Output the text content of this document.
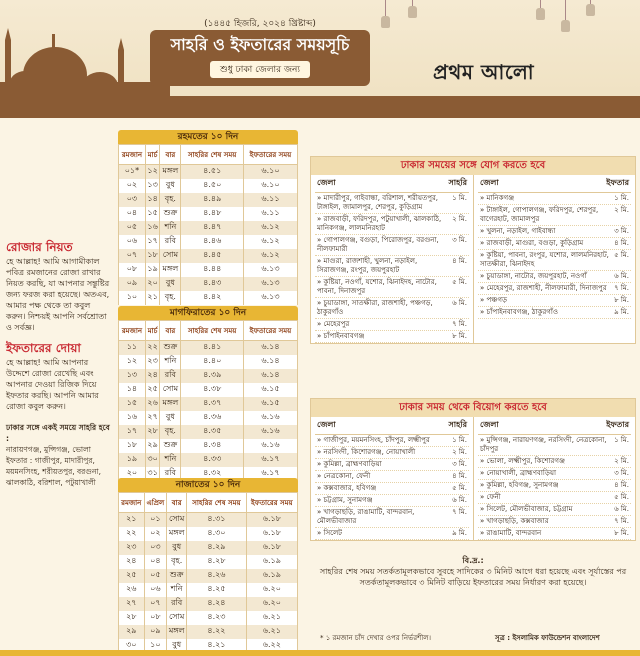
(১৪৪৫ হিজরি, ২০২৪ খ্রিষ্টাব্দ)
সাহরি ও ইফতারের সময়সূচি
শুধু ঢাকা জেলার জন্য	প্রথম আলো
রোজার নিয়ত

হে আল্লাহ! আমি আগামীকাল পবিত্র রমজানের রোজা রাখার নিয়ত করছি, যা আপনার সন্তুষ্টির জন্য ফরজ করা হয়েছে। অতএব, আমার পক্ষ থেকে তা কবুল করুন। নিশ্চয়ই আপনি সর্বশ্রোতা ও সর্বজ্ঞ।

ইফতারের দোয়া

হে আল্লাহ! আমি আপনার উদ্দেশে রোজা রেখেছি এবং আপনার দেওয়া রিজিক দিয়ে ইফতার করছি। আপনি আমার রোজা কবুল করুন।

ঢাকার সঙ্গে একই সময়ে সাহরি হবে :
নারায়ণগঞ্জ, মুন্সিগঞ্জ, ভোলা
ইফতার : গাজীপুর, মাদারীপুর, ময়মনসিংহ, শরীয়তপুর, বরগুনা, ঝালকাঠি, বরিশাল, পটুয়াখালী

রহমতের ১০ দিন
রমজান	মার্চ	বার	সাহরির শেষ সময়	ইফতারের সময়
০১*	১২	মঙ্গল	৪.৫১	৬.১০
০২	১৩	বুধ	৪.৫০	৬.১০
০৩	১৪	বৃহ.	৪.৪৯	৬.১১
০৪	১৫	শুক্র	৪.৪৮	৬.১১
০৫	১৬	শনি	৪.৪৭	৬.১২
০৬	১৭	রবি	৪.৪৬	৬.১২
০৭	১৮	সোম	৪.৪৫	৬.১২
০৮	১৯	মঙ্গল	৪.৪৪	৬.১৩
০৯	২০	বুধ	৪.৪৩	৬.১৩
১০	২১	বৃহ.	৪.৪২	৬.১৩
মাগফিরাতের ১০ দিন
রমজান	মার্চ	বার	সাহরির শেষ সময়	ইফতারের সময়
১১	২২	শুক্র	৪.৪১	৬.১৪
১২	২৩	শনি	৪.৪০	৬.১৪
১৩	২৪	রবি	৪.৩৯	৬.১৪
১৪	২৫	সোম	৪.৩৮	৬.১৫
১৫	২৬	মঙ্গল	৪.৩৭	৬.১৫
১৬	২৭	বুধ	৪.৩৬	৬.১৬
১৭	২৮	বৃহ.	৪.৩৫	৬.১৬
১৮	২৯	শুক্র	৪.৩৪	৬.১৬
১৯	৩০	শনি	৪.৩৩	৬.১৭
২০	৩১	রবি	৪.৩২	৬.১৭
নাজাতের ১০ দিন
রমজান	এপ্রিল	বার	সাহরির শেষ সময়	ইফতারের সময়
২১	০১	সোম	৪.৩১	৬.১৮
২২	০২	মঙ্গল	৪.৩০	৬.১৮
২৩	০৩	বুধ	৪.২৯	৬.১৮
২৪	০৪	বৃহ.	৪.২৮	৬.১৯
২৫	০৫	শুক্র	৪.২৬	৬.১৯
২৬	০৬	শনি	৪.২৫	৬.২০
২৭	০৭	রবি	৪.২৪	৬.২০
২৮	০৮	সোম	৪.২৩	৬.২১
২৯	০৯	মঙ্গল	৪.২২	৬.২১
৩০	১০	বুধ	৪.২১	৬.২২
ঢাকার সময়ের সঙ্গে যোগ করতে হবে
জেলা	সাহরি
» মাদারীপুর, গাইবান্ধা, বরিশাল, শরীয়তপুর, টাঙ্গাইল, জামালপুর, শেরপুর, কুড়িগ্রাম
১ মি.
» রাজবাড়ী, ফরিদপুর, পটুয়াখালী, ঝালকাঠি, মানিকগঞ্জ, লালমনিরহাট
২ মি.
» গোপালগঞ্জ, বগুড়া, পিরোজপুর, বরগুনা, নীলফামারী
৩ মি.
» মাগুরা, রাজশাহী, খুলনা, নড়াইল, সিরাজগঞ্জ, রংপুর, জয়পুরহাট
৪ মি.
» কুষ্টিয়া, নওগাঁ, যশোর, ঝিনাইদহ, নাটোর, পাবনা, দিনাজপুর
৫ মি.
» চুয়াডাঙ্গা, সাতক্ষীরা, রাজশাহী, পঞ্চগড়, ঠাকুরগাঁও
৬ মি.
» মেহেরপুর	৭ মি.
» চাঁপাইনবাবগঞ্জ	৮ মি.
জেলা	ইফতার
» মানিকগঞ্জ	১ মি.
» টাঙ্গাইল, গোপালগঞ্জ, ফরিদপুর, শেরপুর, বাগেরহাট, জামালপুর
২ মি.
» খুলনা, নড়াইল, গাইবান্ধা	৩ মি.
» রাজবাড়ী, মাগুরা, বগুড়া, কুড়িগ্রাম	৪ মি.
» কুষ্টিয়া, পাবনা, রংপুর, যশোর, লালমনিরহাট, সাতক্ষীরা, ঝিনাইদহ
৫ মি.
» চুয়াডাঙ্গা, নাটোর, জয়পুরহাট, নওগাঁ	৬ মি.
» মেহেরপুর, রাজশাহী, নীলফামারী, দিনাজপুর	৭ মি.
» পঞ্চগড়	৮ মি.
» চাঁপাইনবাবগঞ্জ, ঠাকুরগাঁও	৯ মি.
ঢাকার সময় থেকে বিয়োগ করতে হবে
জেলা	সাহরি
» গাজীপুর, ময়মনসিংহ, চাঁদপুর, লক্ষ্মীপুর	১ মি.
» নরসিংদী, কিশোরগঞ্জ, নোয়াখালী	২ মি.
» কুমিল্লা, ব্রাহ্মণবাড়িয়া	৩ মি.
» নেত্রকোনা, ফেনী	৪ মি.
» কক্সবাজার, হবিগঞ্জ	৫ মি.
» চট্টগ্রাম, সুনামগঞ্জ	৬ মি.
» খাগড়াছড়ি, রাঙামাটি, বান্দরবান, মৌলভীবাজার
৭ মি.
» সিলেট	৯ মি.
জেলা	ইফতার
» মুন্সিগঞ্জ, নারায়ণগঞ্জ, নরসিংদী, নেত্রকোনা, চাঁদপুর
১ মি.
» ভোলা, লক্ষ্মীপুর, কিশোরগঞ্জ	২ মি.
» নোয়াখালী, ব্রাহ্মণবাড়িয়া	৩ মি.
» কুমিল্লা, হবিগঞ্জ, সুনামগঞ্জ	৪ মি.
» ফেনী	৫ মি.
» সিলেট, মৌলভীবাজার, চট্টগ্রাম	৬ মি.
» খাগড়াছড়ি, কক্সবাজার	৭ মি.
» রাঙামাটি, বান্দরবান	৮ মি.
বি.দ্র.:
সাহরির শেষ সময় সতর্কতামূলকভাবে সুবহে সাদিকের ৩ মিনিট আগে ধরা হয়েছে এবং সূর্যাস্তের পর সতর্কতামূলকভাবে ৩ মিনিট বাড়িয়ে ইফতারের সময় নির্ধারণ করা হয়েছে।
* ১ রমজান চাঁদ দেখার ওপর নির্ভরশীল।	সূত্র : ইসলামিক ফাউন্ডেশন বাংলাদেশ
